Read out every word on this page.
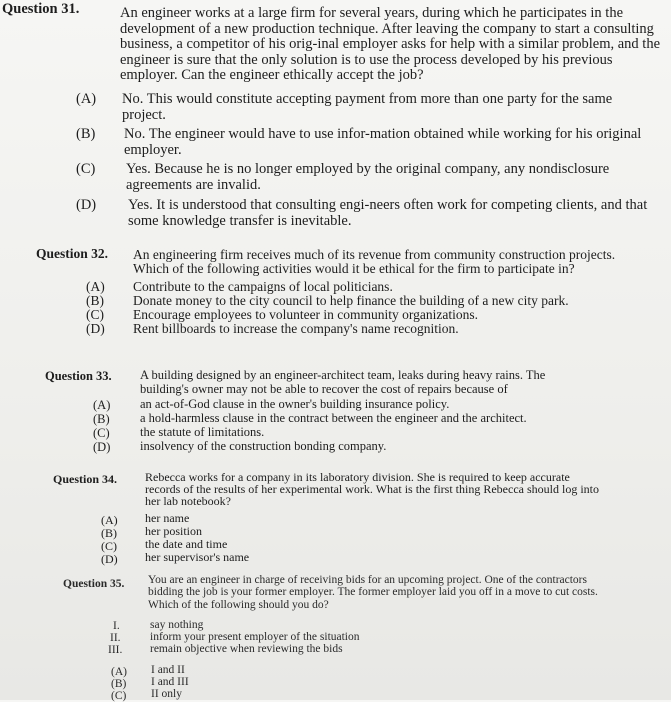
Question 31.	An engineer works at a large firm for several years, during which he participates in the development of a new production technique. After leaving the company to start a consulting business, a competitor of his orig-inal employer asks for help with a similar problem, and the engineer is sure that the only solution is to use the process developed by his previous employer. Can the engineer ethically accept the job?
(A) No. This would constitute accepting payment from more than one party for the same project.
(B) No. The engineer would have to use infor-mation obtained while working for his original employer.
(C) Yes. Because he is no longer employed by the original company, any nondisclosure agreements are invalid.
(D) Yes. It is understood that consulting engi-neers often work for competing clients, and that some knowledge transfer is inevitable.
Question 32. An engineering firm receives much of its revenue from community construction projects. Which of the following activities would it be ethical for the firm to participate in?
(A) Contribute to the campaigns of local politicians.
(B) Donate money to the city council to help finance the building of a new city park.
(C) Encourage employees to volunteer in community organizations.
(D) Rent billboards to increase the company's name recognition.
Question 33. A building designed by an engineer-architect team, leaks during heavy rains. The building's owner may not be able to recover the cost of repairs because of
(A) an act-of-God clause in the owner's building insurance policy.
(B) a hold-harmless clause in the contract between the engineer and the architect.
(C) the statute of limitations.
(D) insolvency of the construction bonding company.
Question 34. Rebecca works for a company in its laboratory division. She is required to keep accurate records of the results of her experimental work. What is the first thing Rebecca should log into her lab notebook?
(A) her name
(B) her position
(C) the date and time
(D) her supervisor's name
Question 35. You are an engineer in charge of receiving bids for an upcoming project. One of the contractors bidding the job is your former employer. The former employer laid you off in a move to cut costs. Which of the following should you do?
I.	say nothing
II.	inform your present employer of the situation
III. remain objective when reviewing the bids
(A) I and II
(B) I and III
(C) II only
